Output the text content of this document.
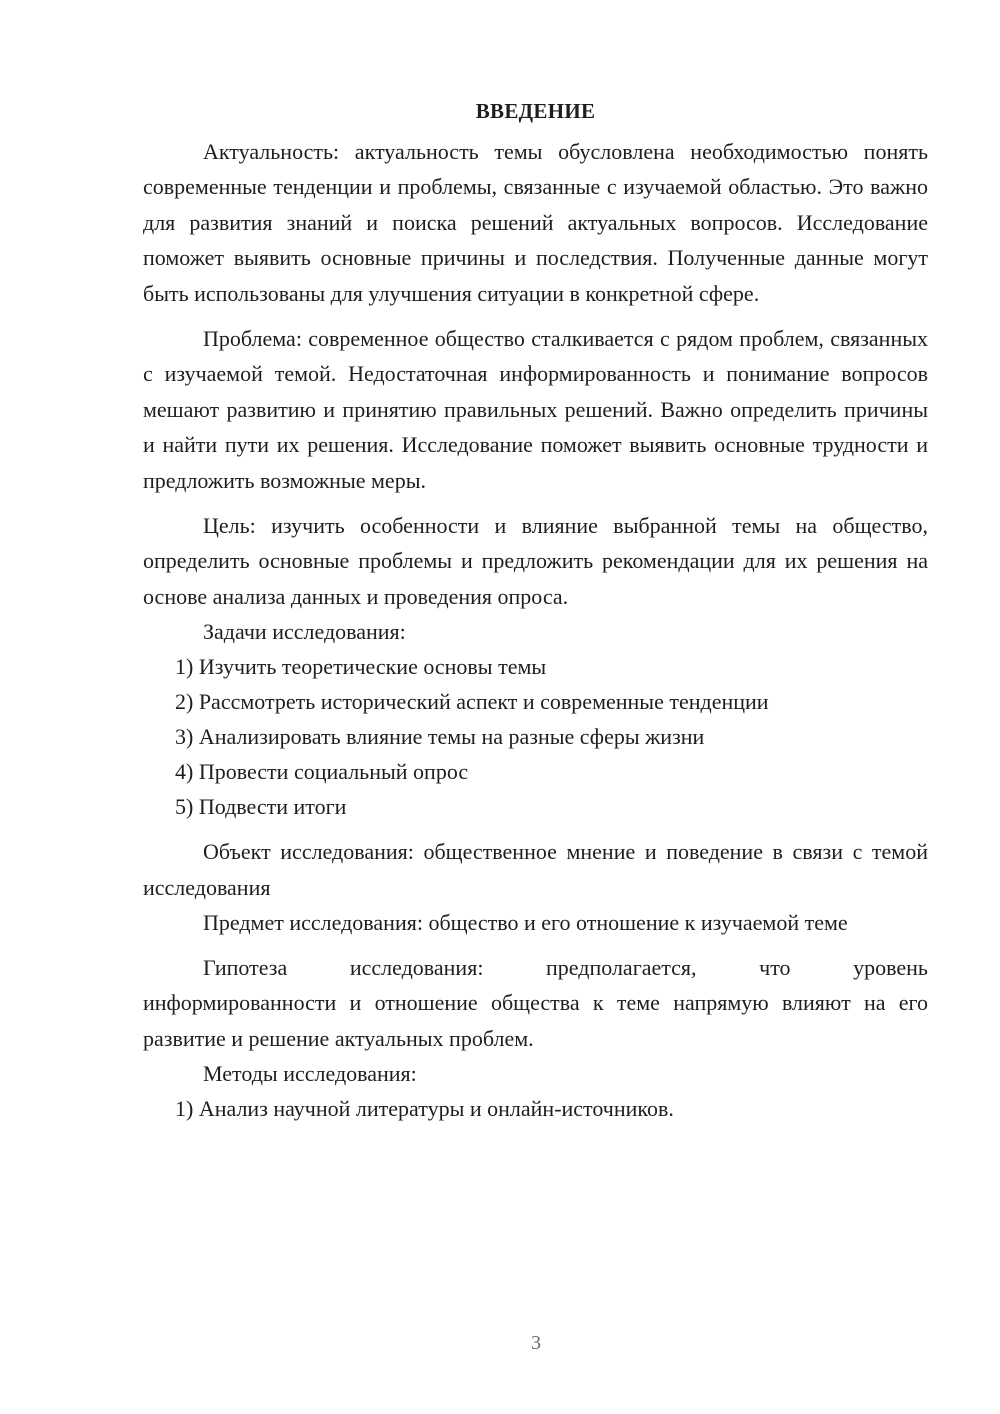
ВВЕДЕНИЕ

Актуальность: актуальность темы обусловлена необходимостью понять современные тенденции и проблемы, связанные с изучаемой областью. Это важно для развития знаний и поиска решений актуальных вопросов. Исследование поможет выявить основные причины и последствия. Полученные данные могут быть использованы для улучшения ситуации в конкретной сфере.

Проблема: современное общество сталкивается с рядом проблем, связанных с изучаемой темой. Недостаточная информированность и понимание вопросов мешают развитию и принятию правильных решений. Важно определить причины и найти пути их решения. Исследование поможет выявить основные трудности и предложить возможные меры.

Цель: изучить особенности и влияние выбранной темы на общество, определить основные проблемы и предложить рекомендации для их решения на основе анализа данных и проведения опроса.

Задачи исследования:

1) Изучить теоретические основы темы
2) Рассмотреть исторический аспект и современные тенденции
3) Анализировать влияние темы на разные сферы жизни
4) Провести социальный опрос
5) Подвести итоги

Объект исследования: общественное мнение и поведение в связи с темой исследования

Предмет исследования: общество и его отношение к изучаемой теме

Гипотеза	исследования:	предполагается,	что	уровень

информированности и отношение общества к теме напрямую влияют на его развитие и решение актуальных проблем.

Методы исследования:

1) Анализ научной литературы и онлайн-источников.
3
